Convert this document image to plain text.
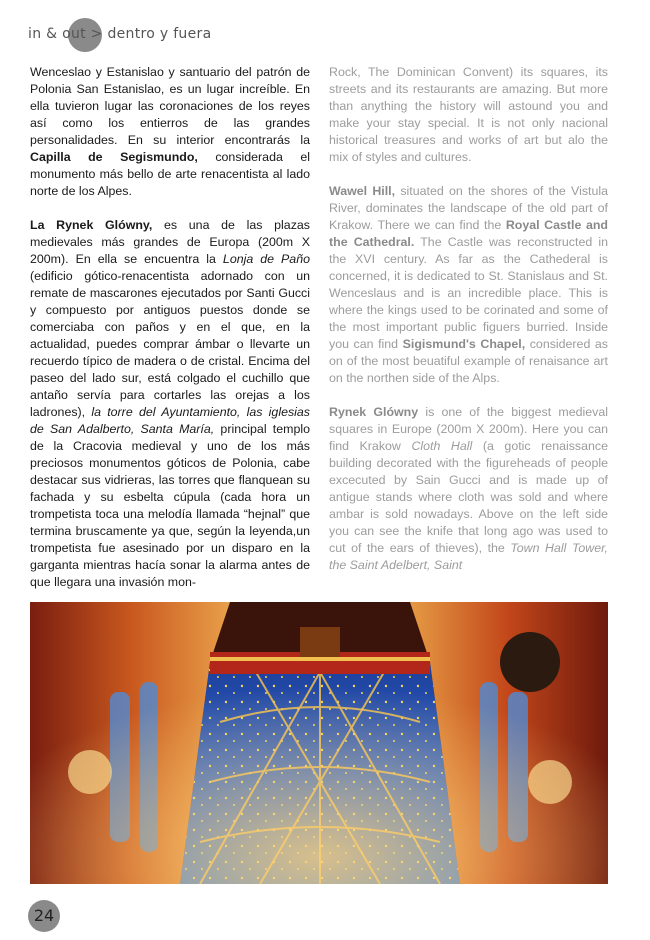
in & out > dentro y fuera

Wenceslao y Estanislao y santuario del patrón de Polonia San Estanislao, es un lugar increíble. En ella tuvieron lugar las coronaciones de los reyes así como los entierros de las grandes personalidades. En su interior encontrarás la Capilla de Segismundo, considerada el monumento más bello de arte renacentista al lado norte de los Alpes.

La Rynek Glówny, es una de las plazas medievales más grandes de Europa (200m X 200m). En ella se encuentra la Lonja de Paño (edificio gótico-renacentista adornado con un remate de mascarones ejecutados por Santi Gucci y compuesto por antiguos puestos donde se comerciaba con paños y en el que, en la actualidad, puedes comprar ámbar o llevarte un recuerdo típico de madera o de cristal. Encima del paseo del lado sur, está colgado el cuchillo que antaño servía para cortarles las orejas a los ladrones), la torre del Ayuntamiento, las iglesias de San Adalberto, Santa María, principal templo de la Cracovia medieval y uno de los más preciosos monumentos góticos de Polonia, cabe destacar sus vidrieras, las torres que flanquean su fachada y su esbelta cúpula (cada hora un trompetista toca una melodía llamada “hejnal” que termina bruscamente ya que, según la leyenda,un trompetista fue asesinado por un disparo en la garganta mientras hacía sonar la alarma antes de que llegara una invasión mon-

Rock, The Dominican Convent) its squares, its streets and its restaurants are amazing. But more than anything the history will astound you and make your stay special. It is not only nacional historical treasures and works of art but alo the mix of styles and cultures.

Wawel Hill, situated on the shores of the Vistula River, dominates the landscape of the old part of Krakow. There we can find the Royal Castle and the Cathedral. The Castle was reconstructed in the XVI century. As far as the Cathederal is concerned, it is dedicated to St. Stanislaus and St. Wenceslaus and is an incredible place. This is where the kings used to be corinated and some of the most important public figuers burried. Inside you can find Sigismund's Chapel, considered as on of the most beuatiful example of renaisance art on the northen side of the Alps.

Rynek Glówny is one of the biggest medieval squares in Europe (200m X 200m). Here you can find Krakow Cloth Hall (a gotic renaissance building decorated with the figureheads of people excecuted by Sain Gucci and is made up of antigue stands where cloth was sold and where ambar is sold nowadays. Above on the left side you can see the knife that long ago was used to cut of the ears of thieves), the Town Hall Tower, the Saint Adelbert, Saint

24
